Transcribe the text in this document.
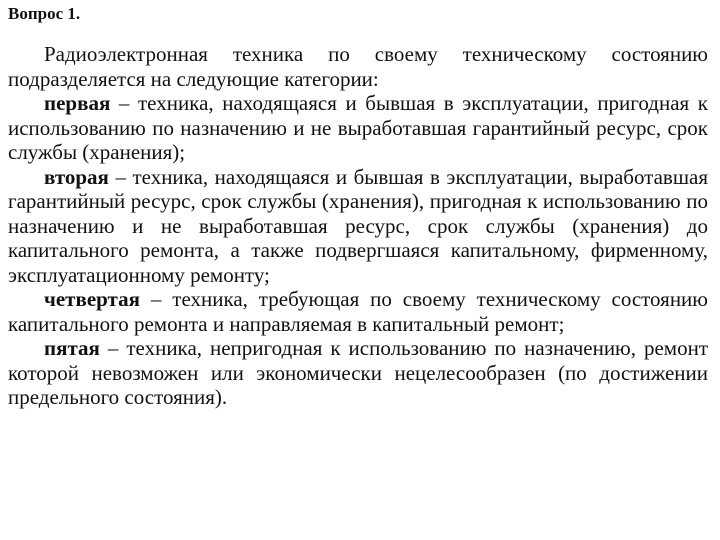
Вопрос 1.

Радиоэлектронная техника по своему техническому состоянию подразделяется на следующие категории:

первая – техника, находящаяся и бывшая в эксплуатации, пригодная к использованию по назначению и не выработавшая гарантийный ресурс, срок службы (хранения);

вторая – техника, находящаяся и бывшая в эксплуатации, выработавшая гарантийный ресурс, срок службы (хранения), пригодная к использованию по назначению и не выработавшая ресурс, срок службы (хранения) до капитального ремонта, а также подвергшаяся капитальному, фирменному, эксплуатационному ремонту;

четвертая – техника, требующая по своему техническому состоянию капитального ремонта и направляемая в капитальный ремонт;

пятая – техника, непригодная к использованию по назначению, ремонт которой невозможен или экономически нецелесообразен (по достижении предельного состояния).
